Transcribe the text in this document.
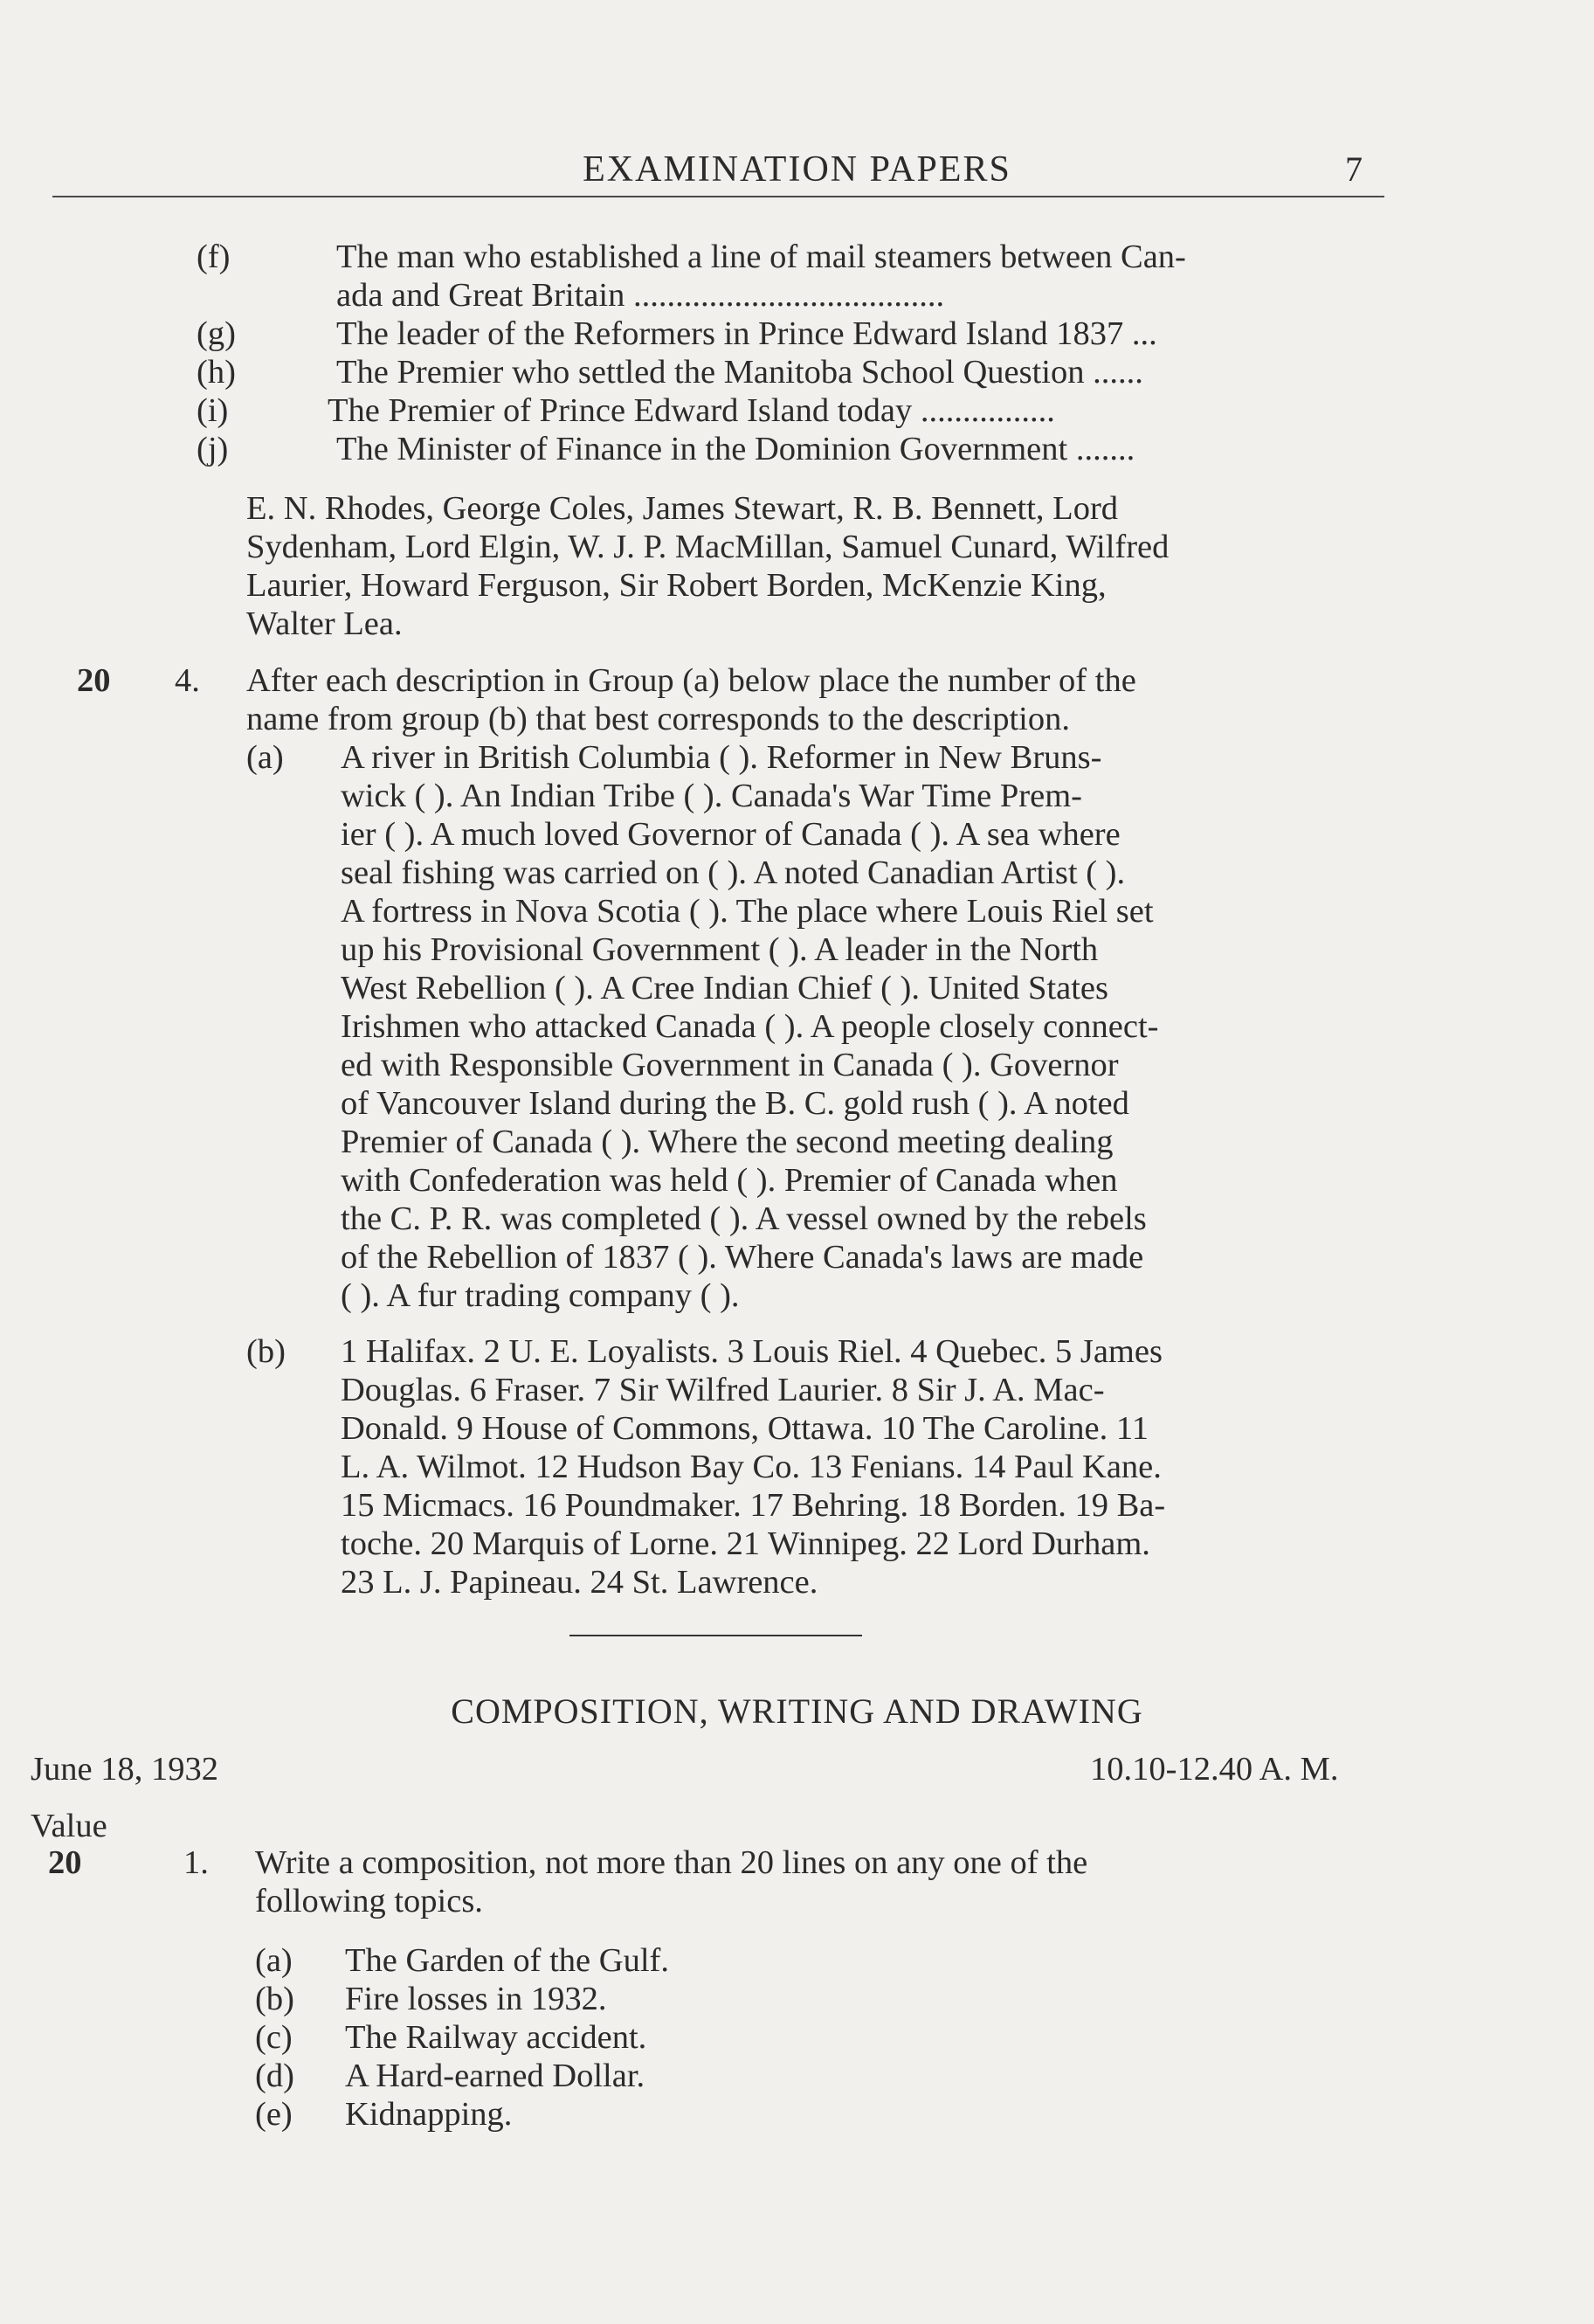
EXAMINATION PAPERS	7
(f)	The man who established a line of mail steamers between Can-
ada and Great Britain .....................................
(g)	The leader of the Reformers in Prince Edward Island 1837 ...
(h)	The Premier who settled the Manitoba School Question ......
(i)	The Premier of Prince Edward Island today ................
(j)	The Minister of Finance in the Dominion Government .......
E. N. Rhodes, George Coles, James Stewart, R. B. Bennett, Lord
Sydenham, Lord Elgin, W. J. P. MacMillan, Samuel Cunard, Wilfred
Laurier, Howard Ferguson, Sir Robert Borden, McKenzie King,
Walter Lea.
20 4. After each description in Group (a) below place the number of the
name from group (b) that best corresponds to the description.
(a)	A river in British Columbia ( ). Reformer in New Bruns-
wick ( ). An Indian Tribe ( ). Canada's War Time Prem-
ier ( ). A much loved Governor of Canada ( ). A sea where
seal fishing was carried on ( ). A noted Canadian Artist ( ).
A fortress in Nova Scotia ( ). The place where Louis Riel set
up his Provisional Government ( ). A leader in the North
West Rebellion ( ). A Cree Indian Chief ( ). United States
Irishmen who attacked Canada ( ). A people closely connect-
ed with Responsible Government in Canada ( ). Governor
of Vancouver Island during the B. C. gold rush ( ). A noted
Premier of Canada ( ). Where the second meeting dealing
with Confederation was held ( ). Premier of Canada when
the C. P. R. was completed ( ). A vessel owned by the rebels
of the Rebellion of 1837 ( ). Where Canada's laws are made
( ). A fur trading company ( ).
(b)	1 Halifax. 2 U. E. Loyalists. 3 Louis Riel. 4 Quebec. 5 James
Douglas. 6 Fraser. 7 Sir Wilfred Laurier. 8 Sir J. A. Mac-
Donald. 9 House of Commons, Ottawa. 10 The Caroline. 11
L. A. Wilmot. 12 Hudson Bay Co. 13 Fenians. 14 Paul Kane.
15 Micmacs. 16 Poundmaker. 17 Behring. 18 Borden. 19 Ba-
toche. 20 Marquis of Lorne. 21 Winnipeg. 22 Lord Durham.
23 L. J. Papineau. 24 St. Lawrence.
COMPOSITION, WRITING AND DRAWING
June 18, 1932	10.10-12.40 A. M.
Value
20	1. Write a composition, not more than 20 lines on any one of the
following topics.
(a)	The Garden of the Gulf.
(b)	Fire losses in 1932.
(c)	The Railway accident.
(d)	A Hard-earned Dollar.
(e)	Kidnapping.
